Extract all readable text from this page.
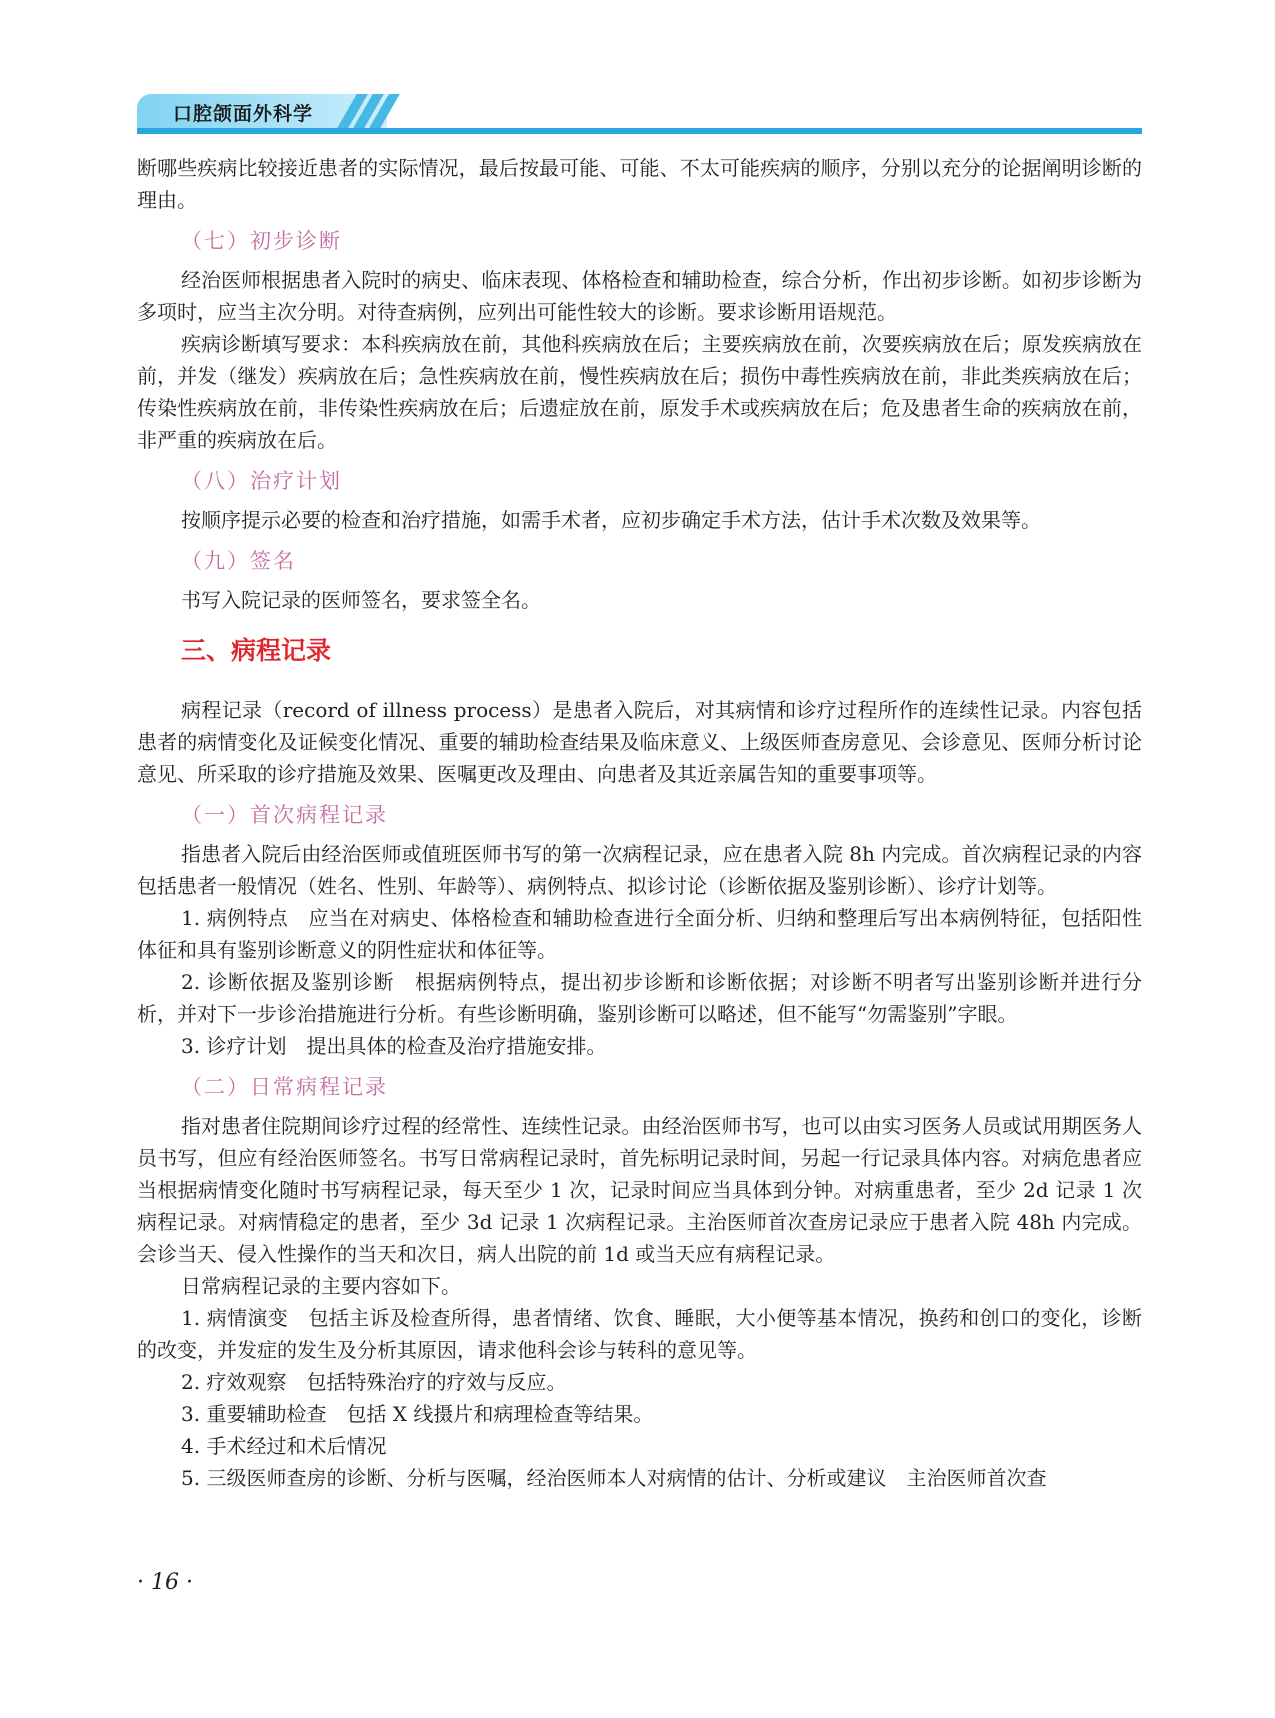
口腔颌面外科学

断哪些疾病比较接近患者的实际情况，最后按最可能、可能、不太可能疾病的顺序，分别以充分的论据阐明诊断的理由。

（七）初步诊断

经治医师根据患者入院时的病史、临床表现、体格检查和辅助检查，综合分析，作出初步诊断。如初步诊断为多项时，应当主次分明。对待查病例，应列出可能性较大的诊断。要求诊断用语规范。

疾病诊断填写要求：本科疾病放在前，其他科疾病放在后；主要疾病放在前，次要疾病放在后；原发疾病放在前，并发（继发）疾病放在后；急性疾病放在前，慢性疾病放在后；损伤中毒性疾病放在前，非此类疾病放在后；传染性疾病放在前，非传染性疾病放在后；后遗症放在前，原发手术或疾病放在后；危及患者生命的疾病放在前，非严重的疾病放在后。

（八）治疗计划

按顺序提示必要的检查和治疗措施，如需手术者，应初步确定手术方法，估计手术次数及效果等。

（九）签名

书写入院记录的医师签名，要求签全名。

三、病程记录

病程记录（record of illness process）是患者入院后，对其病情和诊疗过程所作的连续性记录。内容包括患者的病情变化及证候变化情况、重要的辅助检查结果及临床意义、上级医师查房意见、会诊意见、医师分析讨论意见、所采取的诊疗措施及效果、医嘱更改及理由、向患者及其近亲属告知的重要事项等。

（一）首次病程记录

指患者入院后由经治医师或值班医师书写的第一次病程记录，应在患者入院 8h 内完成。首次病程记录的内容包括患者一般情况（姓名、性别、年龄等）、病例特点、拟诊讨论（诊断依据及鉴别诊断）、诊疗计划等。

1. 病例特点　应当在对病史、体格检查和辅助检查进行全面分析、归纳和整理后写出本病例特征，包括阳性体征和具有鉴别诊断意义的阴性症状和体征等。

2. 诊断依据及鉴别诊断　根据病例特点，提出初步诊断和诊断依据；对诊断不明者写出鉴别诊断并进行分析，并对下一步诊治措施进行分析。有些诊断明确，鉴别诊断可以略述，但不能写“勿需鉴别”字眼。

3. 诊疗计划　提出具体的检查及治疗措施安排。

（二）日常病程记录

指对患者住院期间诊疗过程的经常性、连续性记录。由经治医师书写，也可以由实习医务人员或试用期医务人员书写，但应有经治医师签名。书写日常病程记录时，首先标明记录时间，另起一行记录具体内容。对病危患者应当根据病情变化随时书写病程记录，每天至少 1 次，记录时间应当具体到分钟。对病重患者，至少 2d 记录 1 次病程记录。对病情稳定的患者，至少 3d 记录 1 次病程记录。主治医师首次查房记录应于患者入院 48h 内完成。会诊当天、侵入性操作的当天和次日，病人出院的前 1d 或当天应有病程记录。

日常病程记录的主要内容如下。

1. 病情演变　包括主诉及检查所得，患者情绪、饮食、睡眠，大小便等基本情况，换药和创口的变化，诊断的改变，并发症的发生及分析其原因，请求他科会诊与转科的意见等。

2. 疗效观察　包括特殊治疗的疗效与反应。

3. 重要辅助检查　包括 X 线摄片和病理检查等结果。

4. 手术经过和术后情况

5. 三级医师查房的诊断、分析与医嘱，经治医师本人对病情的估计、分析或建议　主治医师首次查

· 16 ·
